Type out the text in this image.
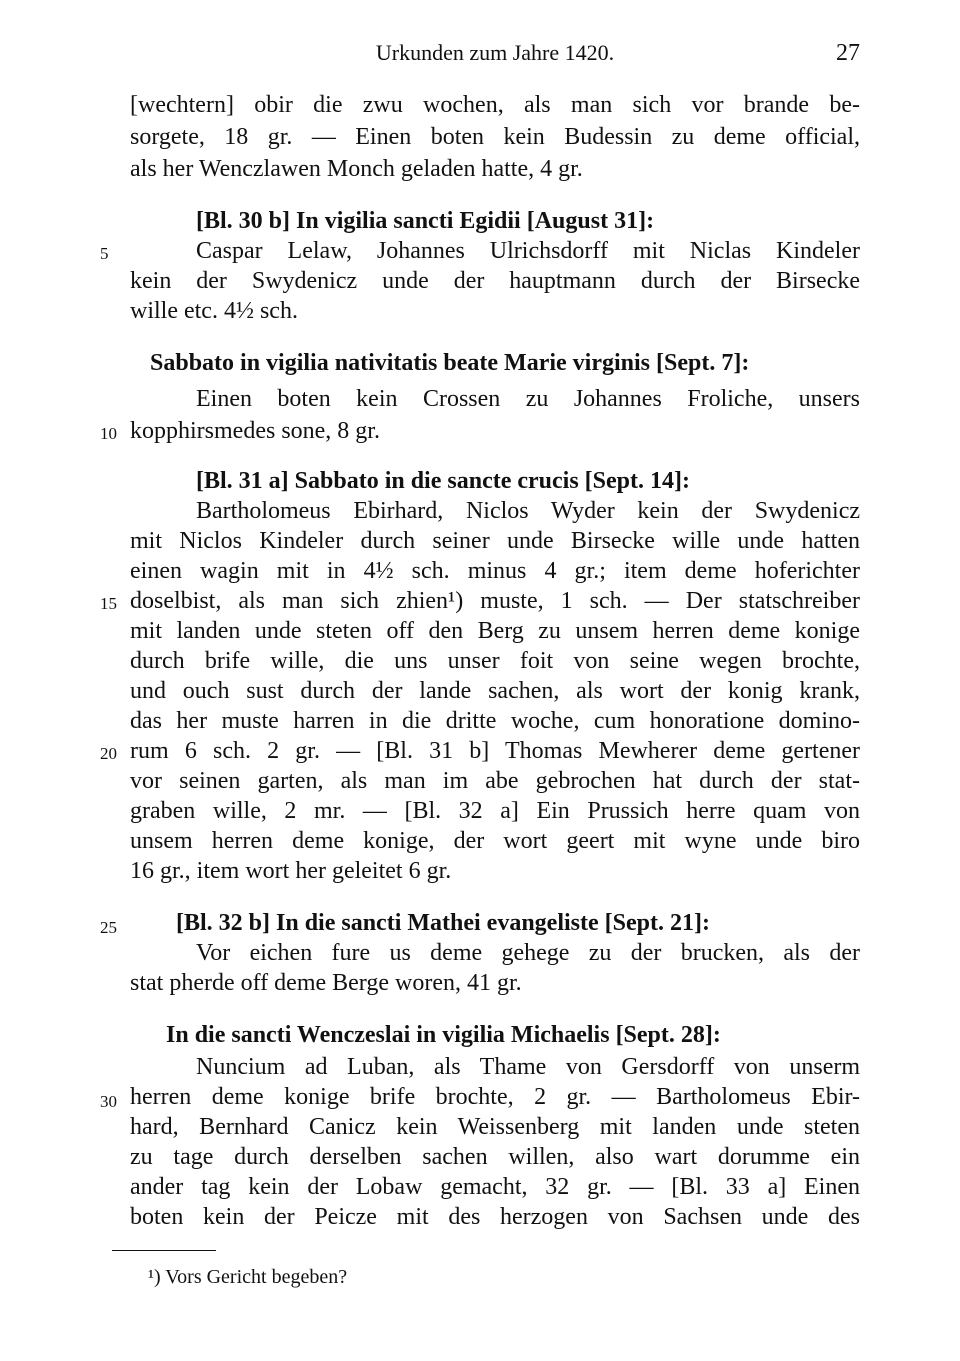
Urkunden zum Jahre 1420.	27
5
10
15
20
25
30
[wechtern] obir die zwu wochen, als man sich vor brande be-
sorgete, 18 gr. — Einen boten kein Budessin zu deme official,
als her Wenczlawen Monch geladen hatte, 4 gr.
[Bl. 30 b] In vigilia sancti Egidii [August 31]:
Caspar Lelaw, Johannes Ulrichsdorff mit Niclas Kindeler
kein der Swydenicz unde der hauptmann durch der Birsecke
wille etc. 4½ sch.
Sabbato in vigilia nativitatis beate Marie virginis [Sept. 7]:
Einen boten kein Crossen zu Johannes Froliche, unsers
kopphirsmedes sone, 8 gr.
[Bl. 31 a] Sabbato in die sancte crucis [Sept. 14]:
Bartholomeus Ebirhard, Niclos Wyder kein der Swydenicz
mit Niclos Kindeler durch seiner unde Birsecke wille unde hatten
einen wagin mit in 4½ sch. minus 4 gr.; item deme hoferichter
doselbist, als man sich zhien¹) muste, 1 sch. — Der statschreiber
mit landen unde steten off den Berg zu unsem herren deme konige
durch brife wille, die uns unser foit von seine wegen brochte,
und ouch sust durch der lande sachen, als wort der konig krank,
das her muste harren in die dritte woche, cum honoratione domino-
rum 6 sch. 2 gr. — [Bl. 31 b] Thomas Mewherer deme gertener
vor seinen garten, als man im abe gebrochen hat durch der stat-
graben wille, 2 mr. — [Bl. 32 a] Ein Prussich herre quam von
unsem herren deme konige, der wort geert mit wyne unde biro
16 gr., item wort her geleitet 6 gr.
[Bl. 32 b] In die sancti Mathei evangeliste [Sept. 21]:
Vor eichen fure us deme gehege zu der brucken, als der
stat pherde off deme Berge woren, 41 gr.
In die sancti Wenczeslai in vigilia Michaelis [Sept. 28]:
Nuncium ad Luban, als Thame von Gersdorff von unserm
herren deme konige brife brochte, 2 gr. — Bartholomeus Ebir-
hard, Bernhard Canicz kein Weissenberg mit landen unde steten
zu tage durch derselben sachen willen, also wart dorumme ein
ander tag kein der Lobaw gemacht, 32 gr. — [Bl. 33 a] Einen
boten kein der Peicze mit des herzogen von Sachsen unde des
¹) Vors Gericht begeben?
